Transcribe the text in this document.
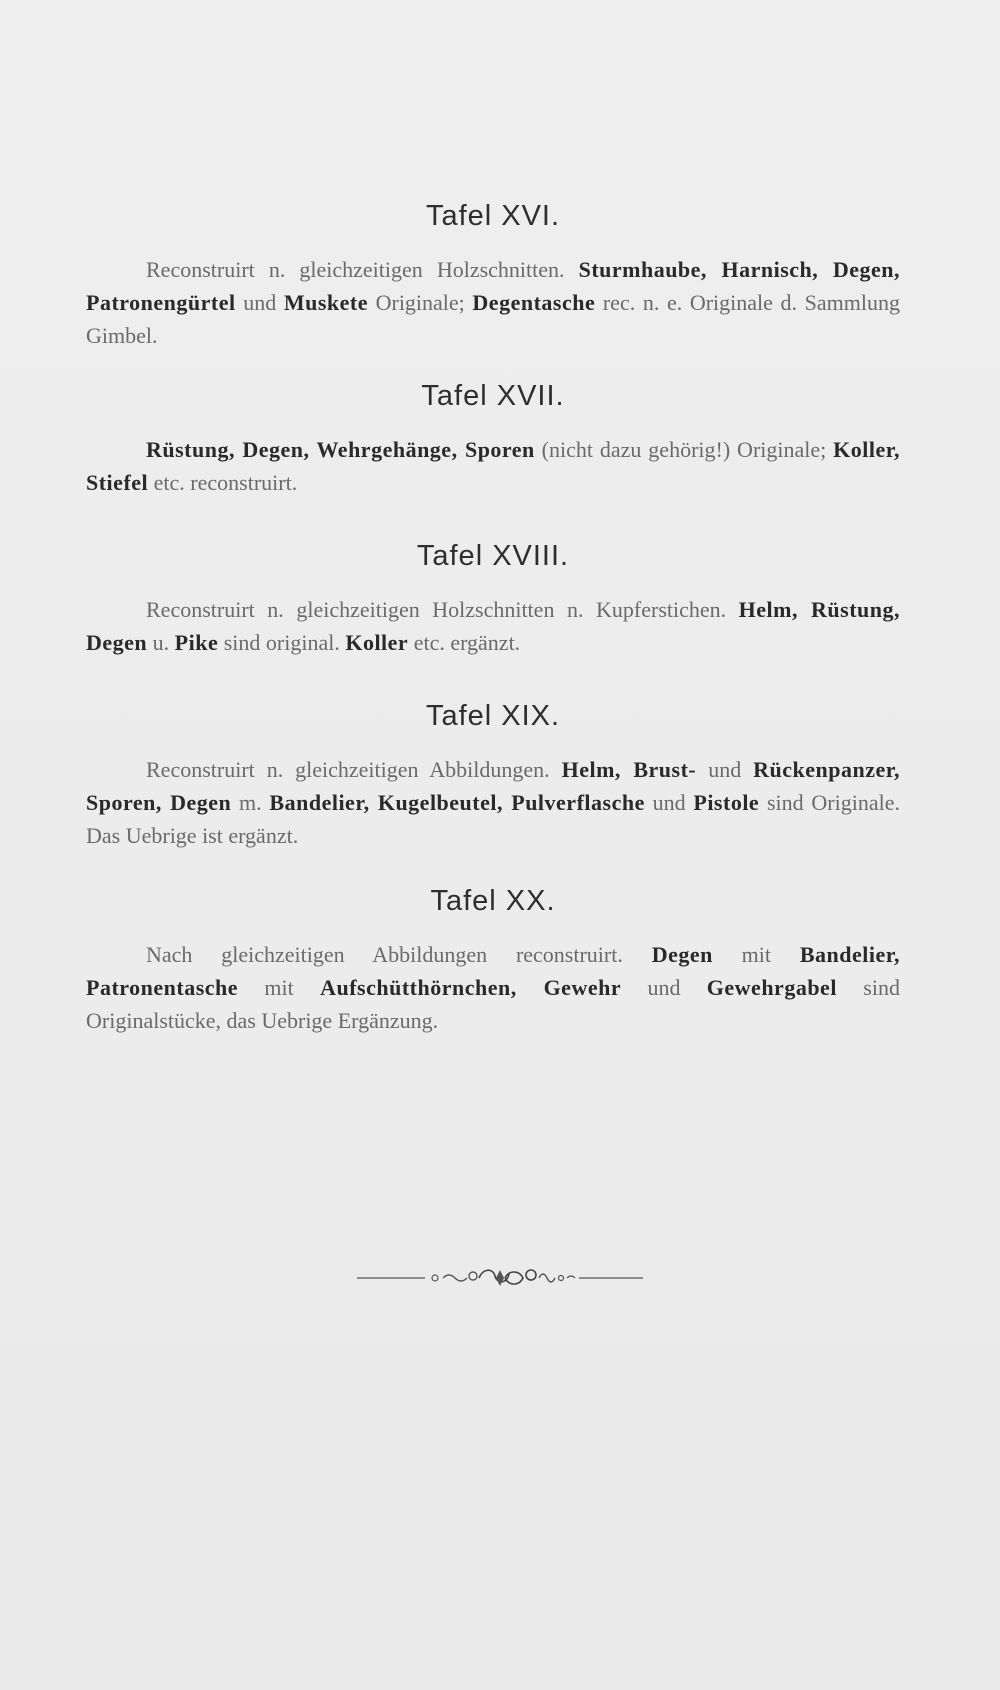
Tafel XVI.
Reconstruirt n. gleichzeitigen Holzschnitten. Sturmhaube, Harnisch, Degen, Patronengürtel und Muskete Originale; Degentasche rec. n. e. Originale d. Sammlung Gimbel.
Tafel XVII.
Rüstung, Degen, Wehrgehänge, Sporen (nicht dazu gehörig!) Originale; Koller, Stiefel etc. reconstruirt.
Tafel XVIII.
Reconstruirt n. gleichzeitigen Holzschnitten n. Kupferstichen. Helm, Rüstung, Degen u. Pike sind original. Koller etc. ergänzt.
Tafel XIX.
Reconstruirt n. gleichzeitigen Abbildungen. Helm, Brust- und Rückenpanzer, Sporen, Degen m. Bandelier, Kugelbeutel, Pulverflasche und Pistole sind Originale. Das Uebrige ist ergänzt.
Tafel XX.
Nach gleichzeitigen Abbildungen reconstruirt. Degen mit Bandelier, Patronentasche mit Aufschütthörnchen, Gewehr und Gewehrgabel sind Originalstücke, das Uebrige Ergänzung.
